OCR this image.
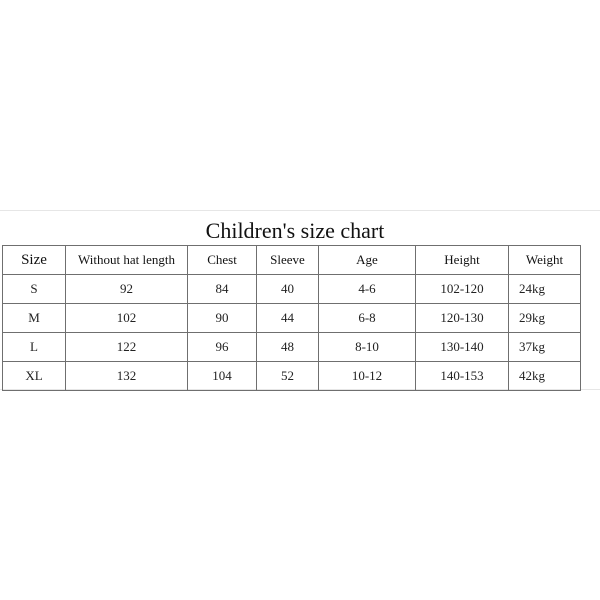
Children's size chart
Size	Without hat length	Chest	Sleeve	Age	Height	Weight
S	92	84	40	4-6	102-120	24kg
M	102	90	44	6-8	120-130	29kg
L	122	96	48	8-10	130-140	37kg
XL	132	104	52	10-12	140-153	42kg
